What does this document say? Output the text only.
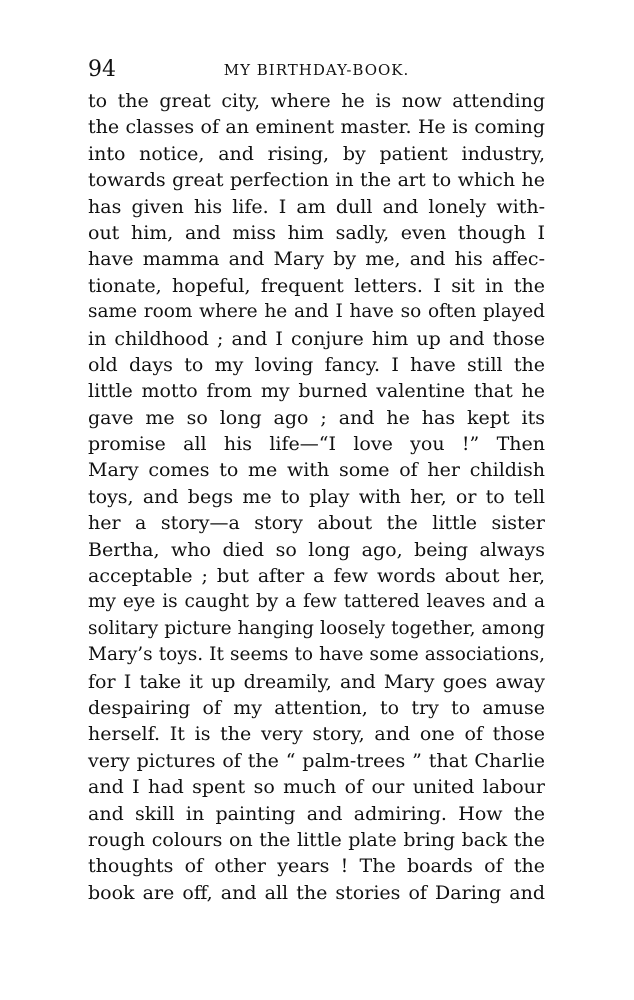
94	MY BIRTHDAY-BOOK.
to the great city, where he is now attending
the classes of an eminent master. He is coming
into notice, and rising, by patient industry,
towards great perfection in the art to which he
has given his life. I am dull and lonely with-
out him, and miss him sadly, even though I
have mamma and Mary by me, and his affec-
tionate, hopeful, frequent letters. I sit in the
same room where he and I have so often played
in childhood ; and I conjure him up and those
old days to my loving fancy. I have still the
little motto from my burned valentine that he
gave me so long ago ; and he has kept its
promise all his life—“I love you !” Then
Mary comes to me with some of her childish
toys, and begs me to play with her, or to tell
her a story—a story about the little sister
Bertha, who died so long ago, being always
acceptable ; but after a few words about her,
my eye is caught by a few tattered leaves and a
solitary picture hanging loosely together, among
Mary’s toys. It seems to have some associations,
for I take it up dreamily, and Mary goes away
despairing of my attention, to try to amuse
herself. It is the very story, and one of those
very pictures of the “ palm-trees ” that Charlie
and I had spent so much of our united labour
and skill in painting and admiring. How the
rough colours on the little plate bring back the
thoughts of other years ! The boards of the
book are off, and all the stories of Daring and
